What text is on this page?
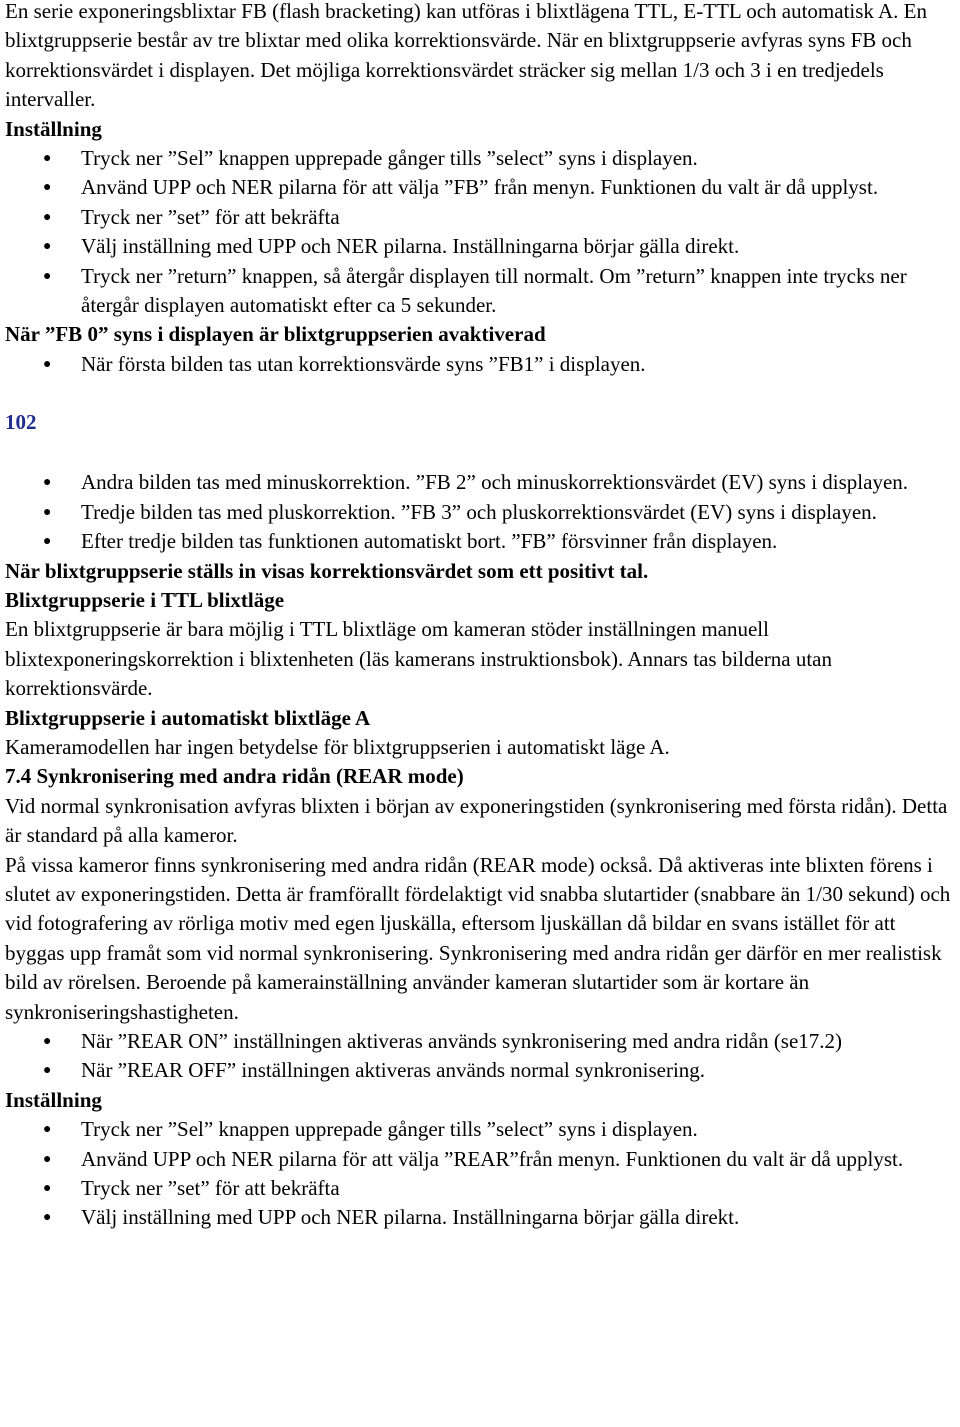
En serie exponeringsblixtar FB (flash bracketing) kan utföras i blixtlägena TTL, E-TTL och automatisk A. En blixtgruppserie består av tre blixtar med olika korrektionsvärde. När en blixtgruppserie avfyras syns FB och korrektionsvärdet i displayen. Det möjliga korrektionsvärdet sträcker sig mellan 1/3 och 3 i en tredjedels intervaller.

Inställning

● Tryck ner ”Sel” knappen upprepade gånger tills ”select” syns i displayen.
● Använd UPP och NER pilarna för att välja ”FB” från menyn. Funktionen du valt är då upplyst.
● Tryck ner ”set” för att bekräfta
● Välj inställning med UPP och NER pilarna. Inställningarna börjar gälla direkt.
● Tryck ner ”return” knappen, så återgår displayen till normalt. Om ”return” knappen inte trycks ner återgår displayen automatiskt efter ca 5 sekunder.

När ”FB 0” syns i displayen är blixtgruppserien avaktiverad

● När första bilden tas utan korrektionsvärde syns ”FB1” i displayen.

102

● Andra bilden tas med minuskorrektion. ”FB 2” och minuskorrektionsvärdet (EV) syns i displayen.
● Tredje bilden tas med pluskorrektion. ”FB 3” och pluskorrektionsvärdet (EV) syns i displayen.
● Efter tredje bilden tas funktionen automatiskt bort. ”FB” försvinner från displayen.

När blixtgruppserie ställs in visas korrektionsvärdet som ett positivt tal.

Blixtgruppserie i TTL blixtläge

En blixtgruppserie är bara möjlig i TTL blixtläge om kameran stöder inställningen manuell blixtexponeringskorrektion i blixtenheten (läs kamerans instruktionsbok). Annars tas bilderna utan korrektionsvärde.

Blixtgruppserie i automatiskt blixtläge A

Kameramodellen har ingen betydelse för blixtgruppserien i automatiskt läge A.

7.4 Synkronisering med andra ridån (REAR mode)

Vid normal synkronisation avfyras blixten i början av exponeringstiden (synkronisering med första ridån). Detta är standard på alla kameror.

På vissa kameror finns synkronisering med andra ridån (REAR mode) också. Då aktiveras inte blixten förens i slutet av exponeringstiden. Detta är framförallt fördelaktigt vid snabba slutartider (snabbare än 1/30 sekund) och vid fotografering av rörliga motiv med egen ljuskälla, eftersom ljuskällan då bildar en svans istället för att byggas upp framåt som vid normal synkronisering. Synkronisering med andra ridån ger därför en mer realistisk bild av rörelsen. Beroende på kamerainställning använder kameran slutartider som är kortare än synkroniseringshastigheten.

● När ”REAR ON” inställningen aktiveras används synkronisering med andra ridån (se17.2)
● När ”REAR OFF” inställningen aktiveras används normal synkronisering.

Inställning

● Tryck ner ”Sel” knappen upprepade gånger tills ”select” syns i displayen.
● Använd UPP och NER pilarna för att välja ”REAR”från menyn. Funktionen du valt är då upplyst.
● Tryck ner ”set” för att bekräfta
● Välj inställning med UPP och NER pilarna. Inställningarna börjar gälla direkt.
